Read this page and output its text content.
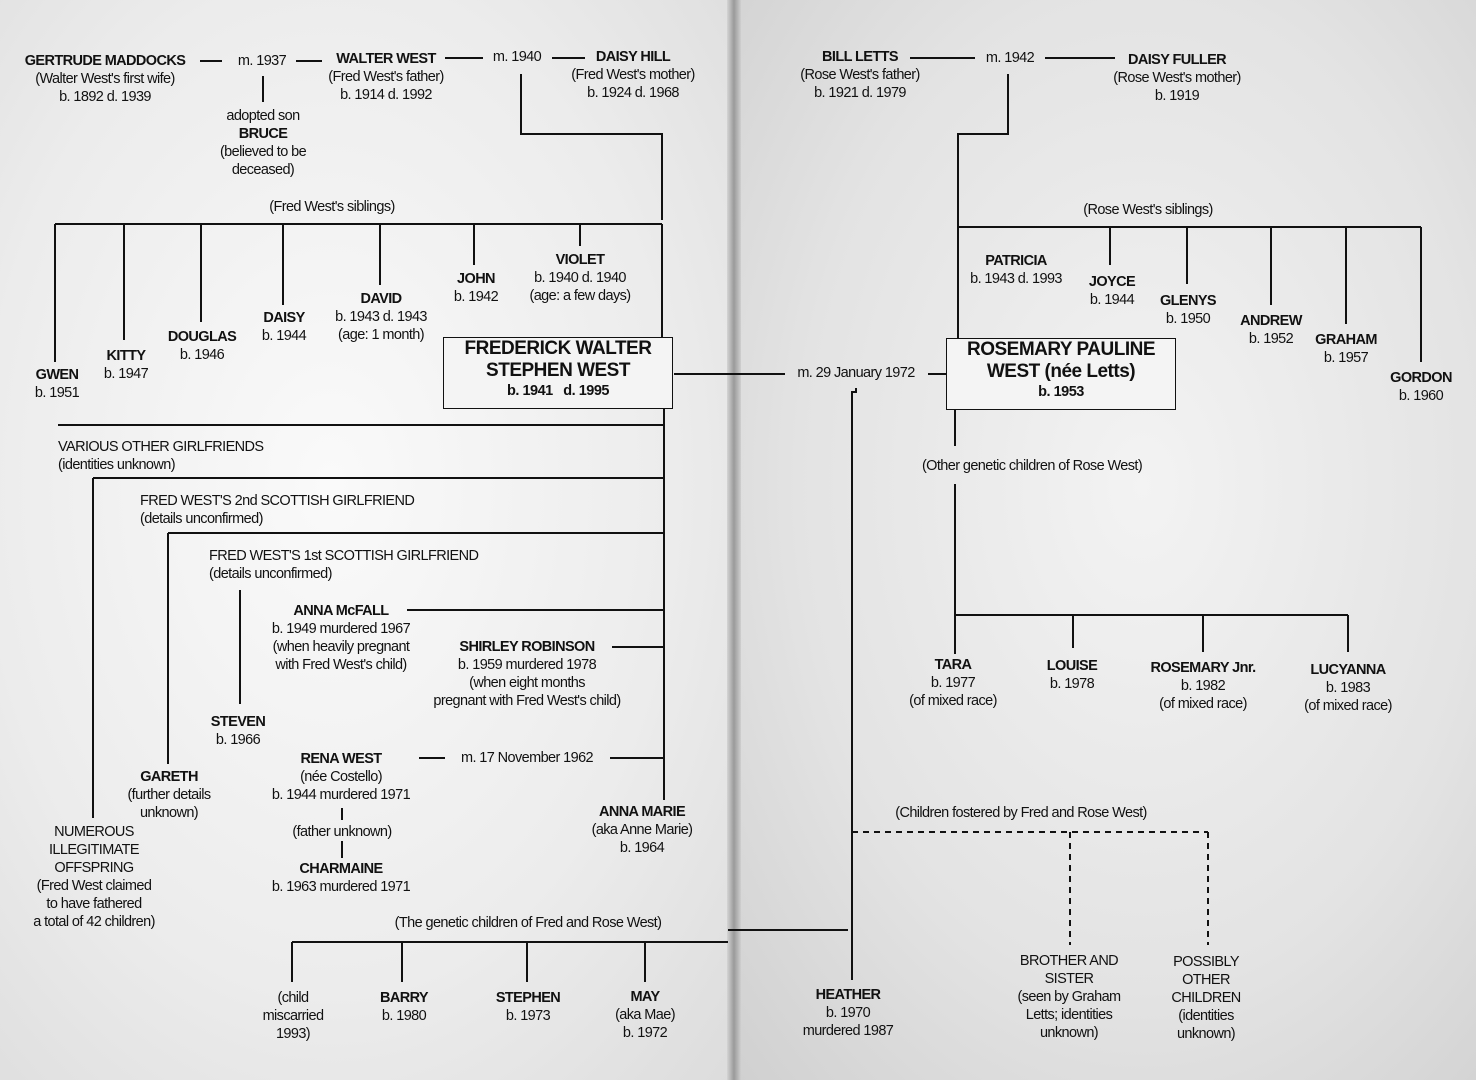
GERTRUDE MADDOCKS
(Walter West's first wife)
b. 1892 d. 1939
m. 1937	WALTER WEST
(Fred West's father)
b. 1914 d. 1992
m. 1940	DAISY HILL
(Fred West's mother)
b. 1924 d. 1968
adopted son
BRUCE
(believed to be
deceased)
BILL LETTS
(Rose West's father)
b. 1921 d. 1979
m. 1942	DAISY FULLER
(Rose West's mother)
b. 1919
(Fred West's siblings)
GWEN
b. 1951
KITTY
b. 1947
DOUGLAS
b. 1946
DAISY
b. 1944
DAVID
b. 1943 d. 1943
(age: 1 month)
JOHN
b. 1942
VIOLET
b. 1940 d. 1940
(age: a few days)
FREDERICK WALTER
STEPHEN WEST
b. 1941 d. 1995
m. 29 January 1972
ROSEMARY PAULINE
WEST (née Letts)
b. 1953
(Rose West's siblings)
PATRICIA
b. 1943 d. 1993 JOYCE
b. 1944 GLENYS
b. 1950	ANDREW
b. 1952	GRAHAM
b. 1957
GORDON
b. 1960
VARIOUS OTHER GIRLFRIENDS
(identities unknown)
FRED WEST'S 2nd SCOTTISH GIRLFRIEND
(details unconfirmed)
FRED WEST'S 1st SCOTTISH GIRLFRIEND
(details unconfirmed)
ANNA McFALL
b. 1949 murdered 1967
(when heavily pregnant
with Fred West's child)
SHIRLEY ROBINSON
b. 1959 murdered 1978
(when eight months
pregnant with Fred West's child)
STEVEN
b. 1966
GARETH
(further details
unknown)
NUMEROUS
ILLEGITIMATE
OFFSPRING
(Fred West claimed
to have fathered
a total of 42 children)
RENA WEST
(née Costello)
b. 1944 murdered 1971
m. 17 November 1962
(father unknown)
CHARMAINE
b. 1963 murdered 1971
ANNA MARIE
(aka Anne Marie)
b. 1964
(The genetic children of Fred and Rose West)
(child
miscarried
1993)
BARRY
b. 1980
STEPHEN
b. 1973
MAY
(aka Mae)
b. 1972
HEATHER
b. 1970
murdered 1987
(Other genetic children of Rose West)
TARA
b. 1977
(of mixed race)
LOUISE
b. 1978
ROSEMARY Jnr.
b. 1982
(of mixed race)
LUCYANNA
b. 1983
(of mixed race)
(Children fostered by Fred and Rose West)
BROTHER AND
SISTER
(seen by Graham
Letts; identities
unknown)
POSSIBLY
OTHER
CHILDREN
(identities
unknown)
